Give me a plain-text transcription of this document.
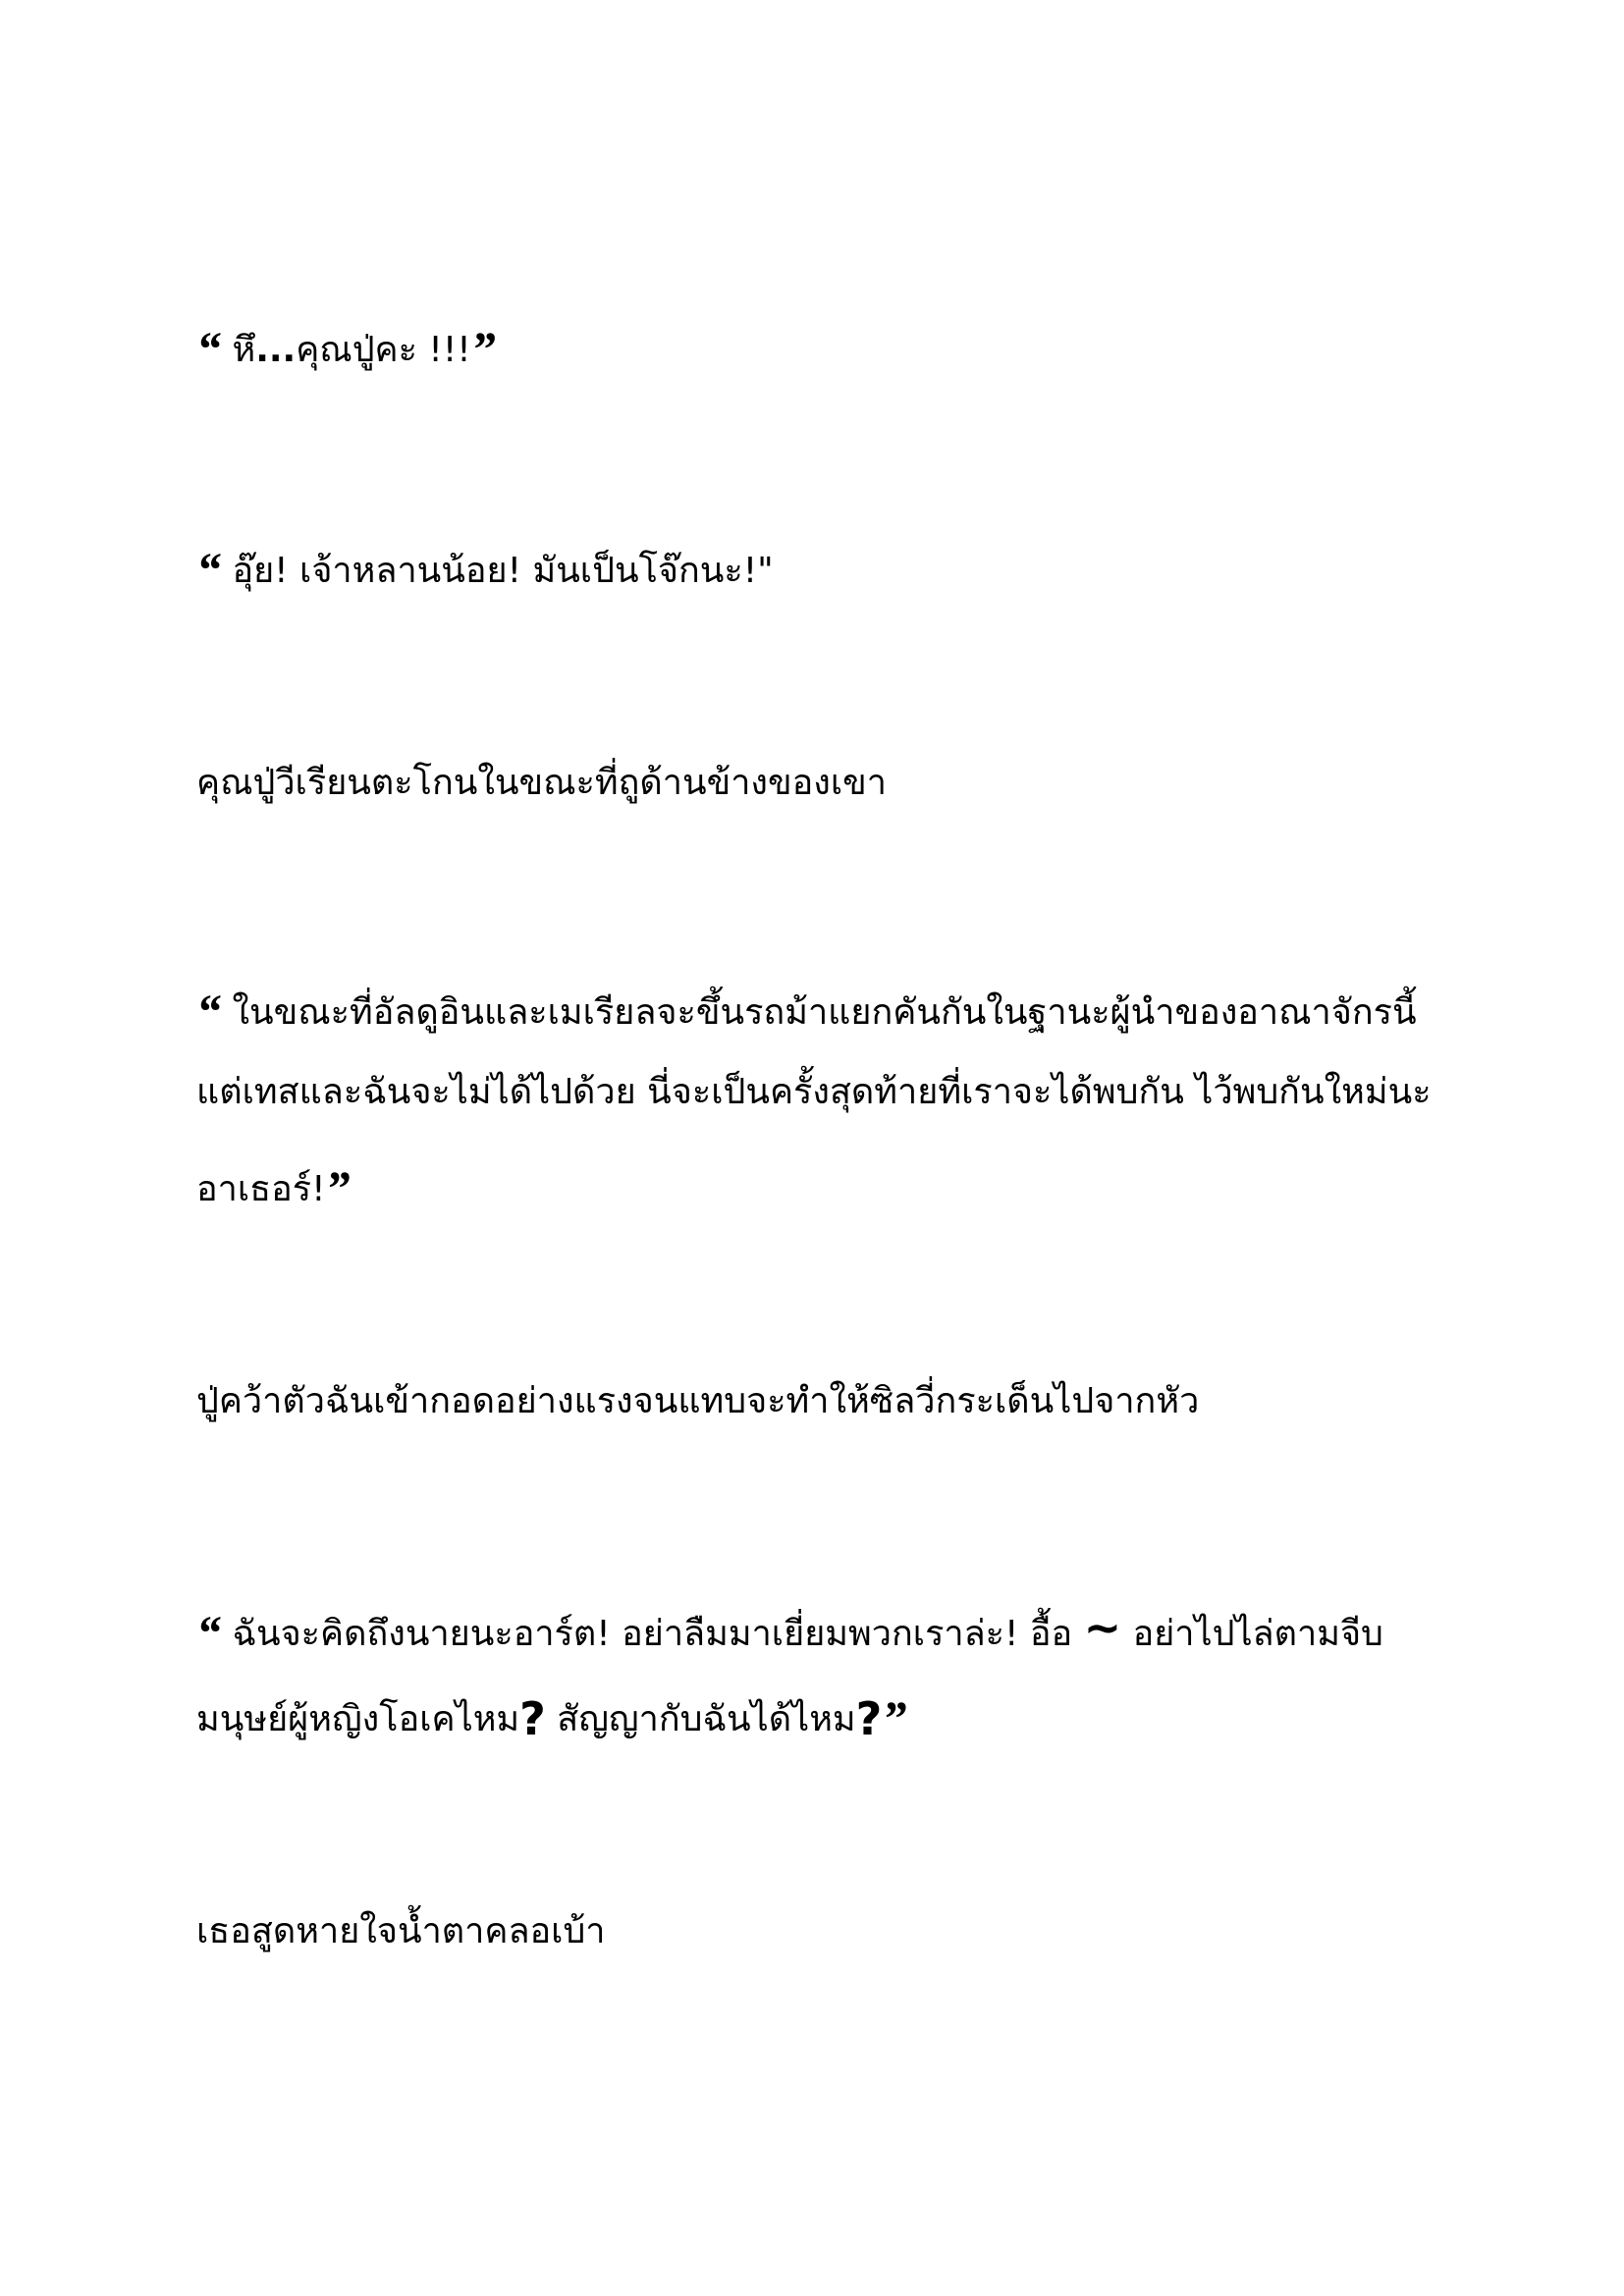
“ หึ...คุณปู่คะ !!!”

“ อุ๊ย! เจ้าหลานน้อย! มันเป็นโจ๊กนะ!"

คุณปู่วีเรียนตะโกนในขณะที่ถูด้านข้างของเขา

“ ในขณะที่อัลดูอินและเมเรียลจะขึ้นรถม้าแยกคันกันในฐานะผู้นำของอาณาจักรนี้

แต่เทสและฉันจะไม่ได้ไปด้วย นี่จะเป็นครั้งสุดท้ายที่เราจะได้พบกัน ไว้พบกันใหม่นะ

อาเธอร์!”

ปู่คว้าตัวฉันเข้ากอดอย่างแรงจนแทบจะทำให้ซิลวี่กระเด็นไปจากหัว

“ ฉันจะคิดถึงนายนะอาร์ต! อย่าลืมมาเยี่ยมพวกเราล่ะ! อื้อ ~ อย่าไปไล่ตามจีบ

มนุษย์ผู้หญิงโอเคไหม? สัญญากับฉันได้ไหม?”

เธอสูดหายใจน้ำตาคลอเบ้า
